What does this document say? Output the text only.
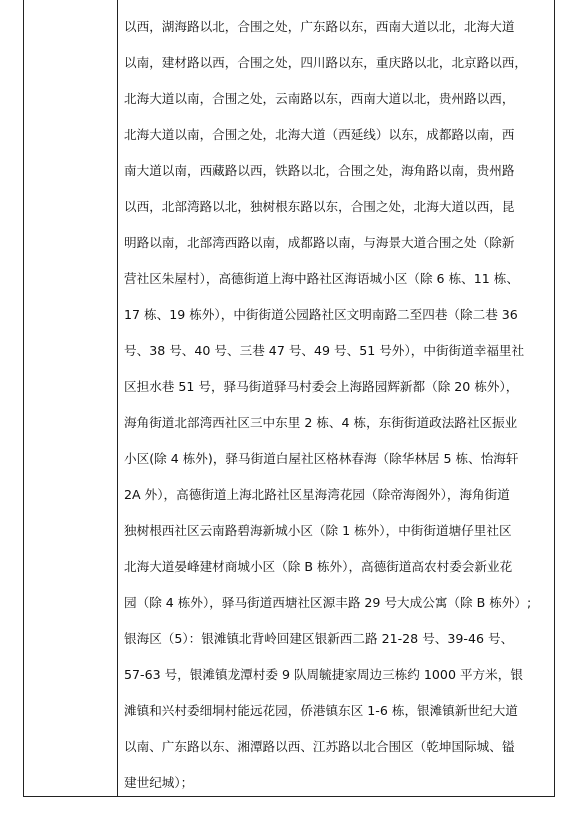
以西，湖海路以北，合围之处，广东路以东，西南大道以北，北海大道
以南，建材路以西，合围之处，四川路以东，重庆路以北，北京路以西，
北海大道以南，合围之处，云南路以东，西南大道以北，贵州路以西，
北海大道以南，合围之处，北海大道（西延线）以东，成都路以南，西
南大道以南，西藏路以西，铁路以北，合围之处，海角路以南，贵州路
以西，北部湾路以北，独树根东路以东，合围之处，北海大道以西，昆
明路以南，北部湾西路以南，成都路以南，与海景大道合围之处（除新
营社区朱屋村），高德街道上海中路社区海语城小区（除 6 栋、11 栋、
17 栋、19 栋外），中街街道公园路社区文明南路二至四巷（除二巷 36
号、38 号、40 号、三巷 47 号、49 号、51 号外），中街街道幸福里社
区担水巷 51 号，驿马街道驿马村委会上海路园辉新都（除 20 栋外），
海角街道北部湾西社区三中东里 2 栋、4 栋，东街街道政法路社区振业
小区(除 4 栋外)，驿马街道白屋社区格林春海（除华林居 5 栋、怡海轩
2A 外），高德街道上海北路社区星海湾花园（除帝海阁外），海角街道
独树根西社区云南路碧海新城小区（除 1 栋外），中街街道塘仔里社区
北海大道晏峰建材商城小区（除 B 栋外），高德街道高农村委会新业花
园（除 4 栋外），驿马街道西塘社区源丰路 29 号大成公寓（除 B 栋外）;
银海区（5）：银滩镇北背岭回建区银新西二路 21-28 号、39-46 号、
57-63 号，银滩镇龙潭村委 9 队周毓捷家周边三栋约 1000 平方米，银
滩镇和兴村委细垌村能远花园，侨港镇东区 1-6 栋，银滩镇新世纪大道
以南、广东路以东、湘潭路以西、江苏路以北合围区（乾坤国际城、镒
建世纪城）；
